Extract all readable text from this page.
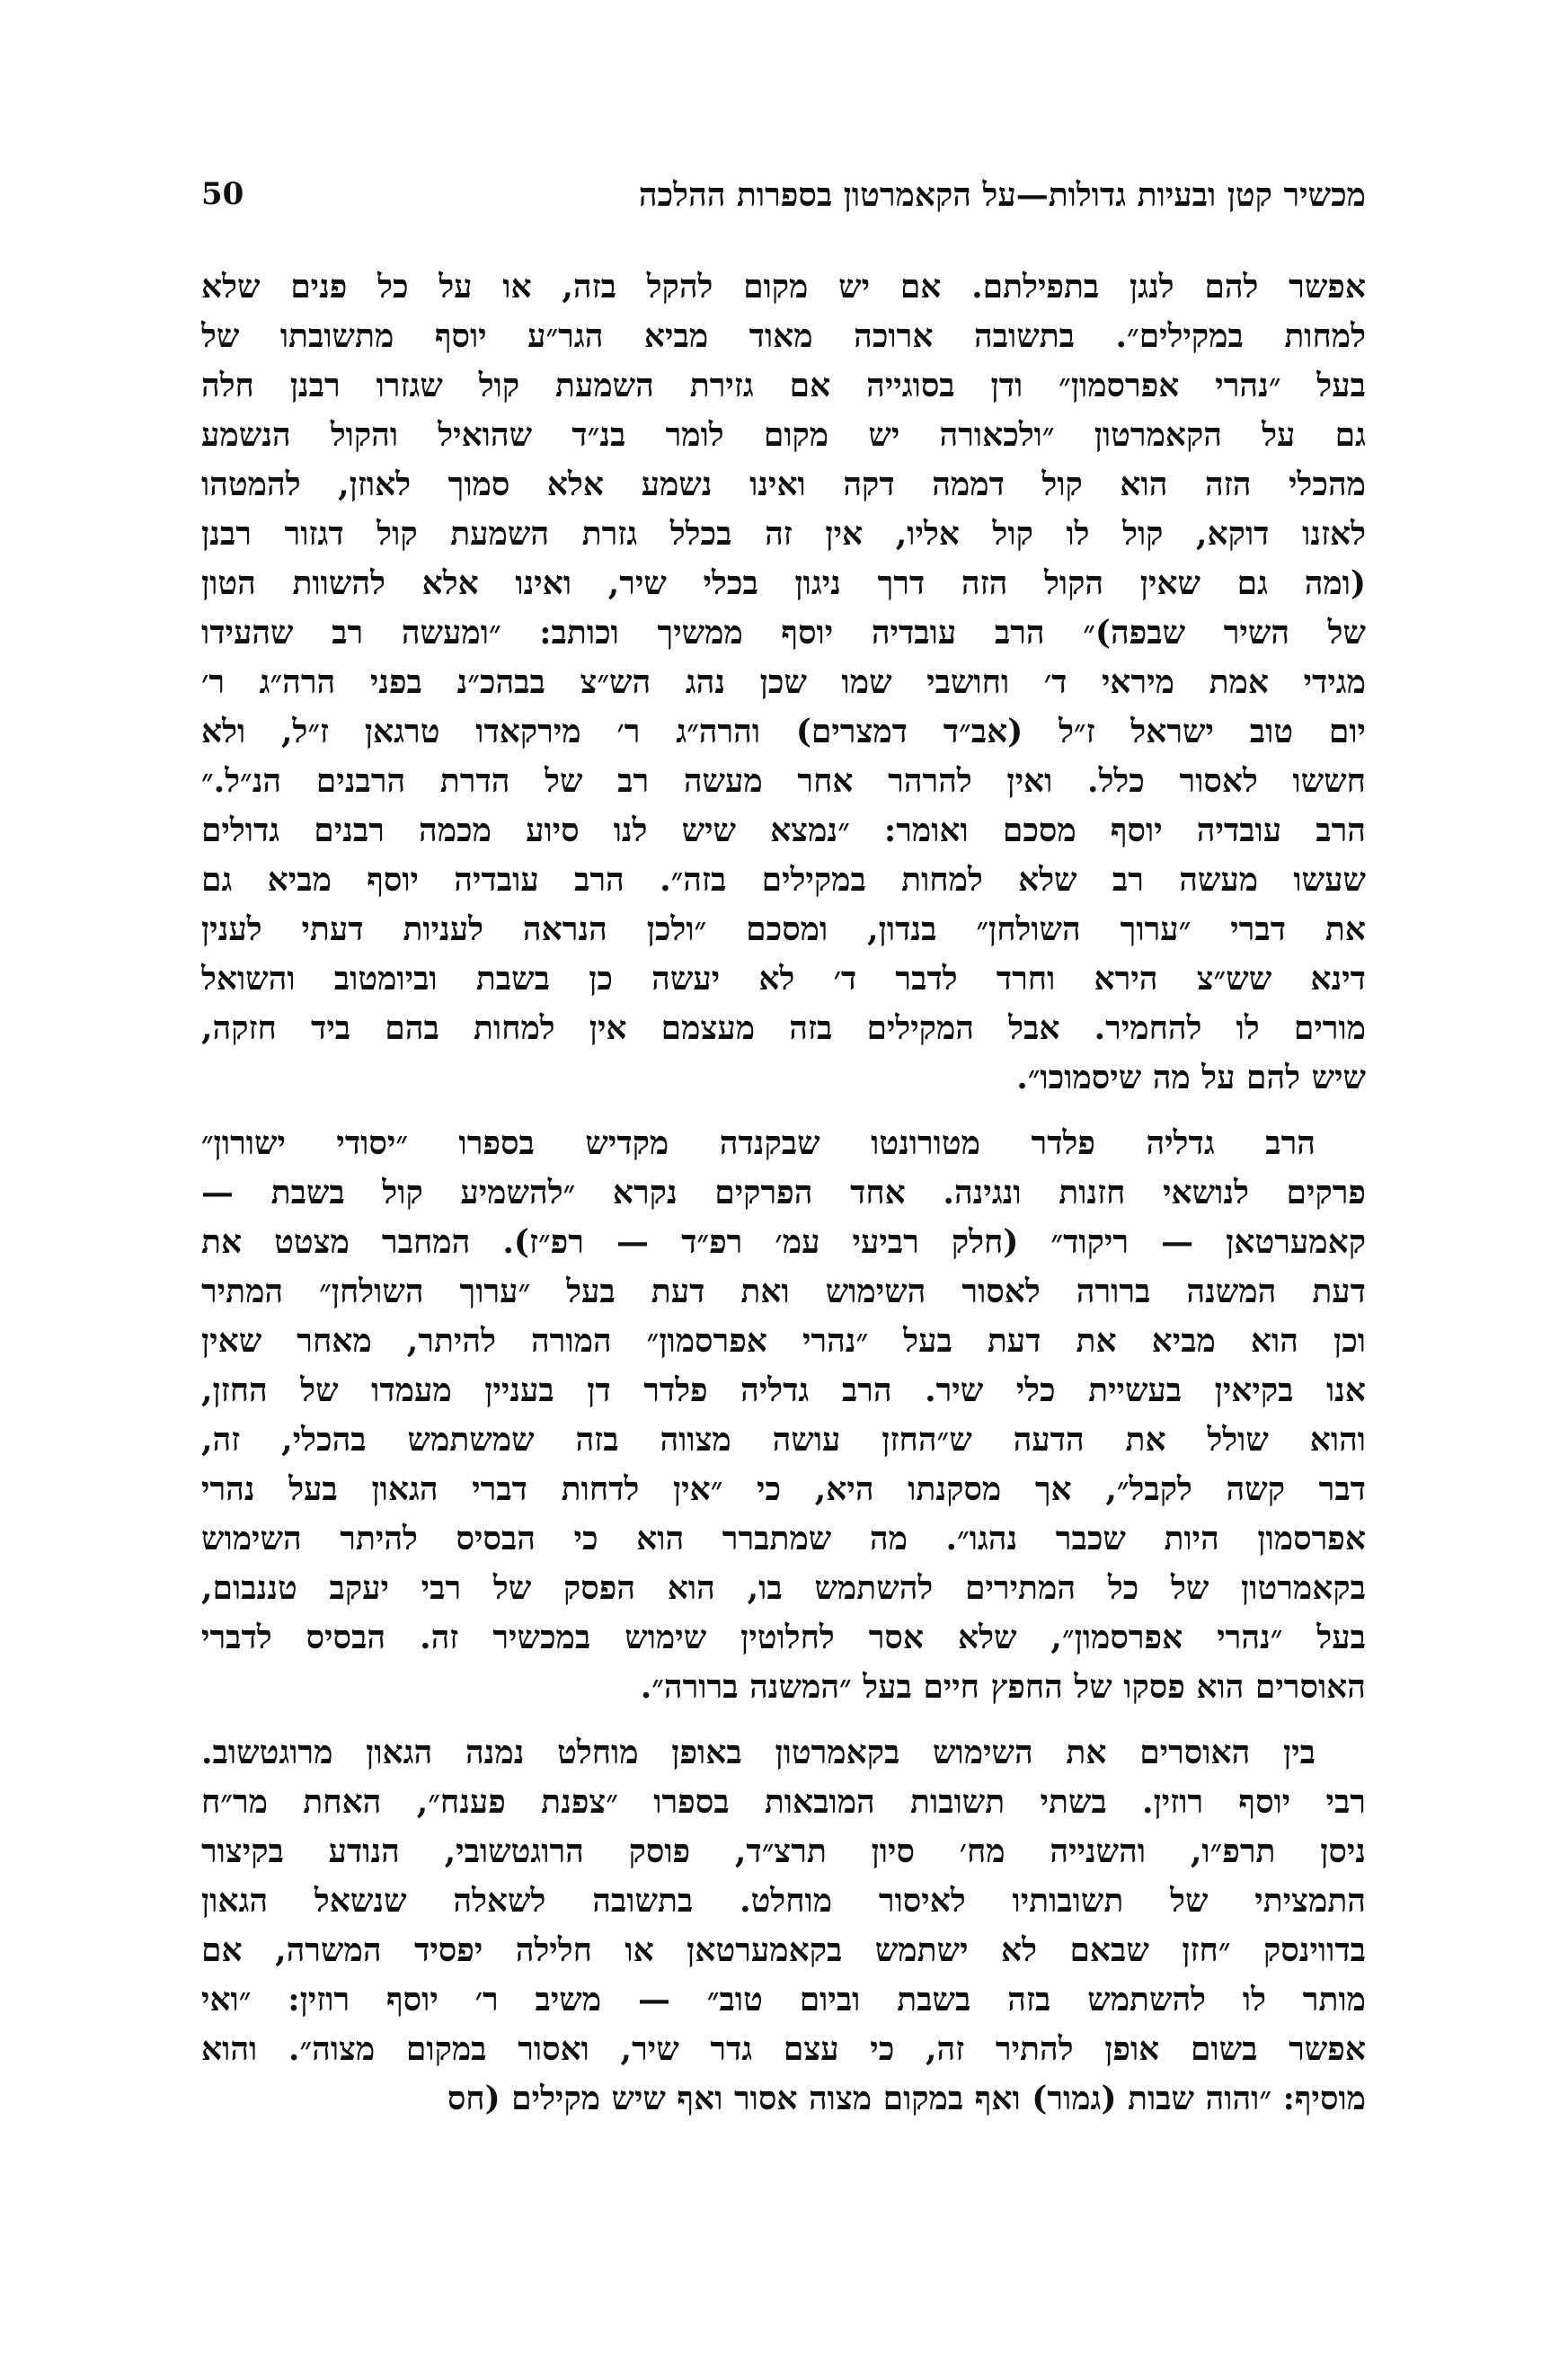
50	מכשיר קטן ובעיות גדולות—על הקאמרטון בספרות ההלכה
אפשר להם לנגן בתפילתם. אם יש מקום להקל בזה, או על כל פנים שלא
למחות במקילים״. בתשובה ארוכה מאוד מביא הגר״ע יוסף מתשובתו של
בעל ״נהרי אפרסמון״ ודן בסוגייה אם גזירת השמעת קול שגזרו רבנן חלה
גם על הקאמרטון ״ולכאורה יש מקום לומר בנ״ד שהואיל והקול הנשמע
מהכלי הזה הוא קול דממה דקה ואינו נשמע אלא סמוך לאוזן, להמטהו
לאזנו דוקא, קול לו קול אליו, אין זה בכלל גזרת השמעת קול דגזור רבנן
(ומה גם שאין הקול הזה דרך ניגון בכלי שיר, ואינו אלא להשוות הטון
של השיר שבפה)״ הרב עובדיה יוסף ממשיך וכותב: ״ומעשה רב שהעידו
מגידי אמת מיראי ד׳ וחושבי שמו שכן נהג הש״צ בבהכ״נ בפני הרה״ג ר׳
יום טוב ישראל ז״ל (אב״ד דמצרים) והרה״ג ר׳ מירקאדו טרגאן ז״ל, ולא
חששו לאסור כלל. ואין להרהר אחר מעשה רב של הדרת הרבנים הנ״ל.״
הרב עובדיה יוסף מסכם ואומר: ״נמצא שיש לנו סיוע מכמה רבנים גדולים
שעשו מעשה רב שלא למחות במקילים בזה״. הרב עובדיה יוסף מביא גם
את דברי ״ערוך השולחן״ בנדון, ומסכם ״ולכן הנראה לעניות דעתי לענין
דינא שש״צ הירא וחרד לדבר ד׳ לא יעשה כן בשבת וביומטוב והשואל
מורים לו להחמיר. אבל המקילים בזה מעצמם אין למחות בהם ביד חזקה,
שיש להם על מה שיסמוכו״.
הרב גדליה פלדר מטורונטו שבקנדה מקדיש בספרו ״יסודי ישורון״
פרקים לנושאי חזנות ונגינה. אחד הפרקים נקרא ״להשמיע קול בשבת —
קאמערטאן — ריקוד״ (חלק רביעי עמ׳ רפ״ד — רפ״ז). המחבר מצטט את
דעת המשנה ברורה לאסור השימוש ואת דעת בעל ״ערוך השולחן״ המתיר
וכן הוא מביא את דעת בעל ״נהרי אפרסמון״ המורה להיתר, מאחר שאין
אנו בקיאין בעשיית כלי שיר. הרב גדליה פלדר דן בעניין מעמדו של החזן,
והוא שולל את הדעה ש״החזן עושה מצווה בזה שמשתמש בהכלי, זה,
דבר קשה לקבל״, אך מסקנתו היא, כי ״אין לדחות דברי הגאון בעל נהרי
אפרסמון היות שכבר נהגו״. מה שמתברר הוא כי הבסיס להיתר השימוש
בקאמרטון של כל המתירים להשתמש בו, הוא הפסק של רבי יעקב טננבום,
בעל ״נהרי אפרסמון״, שלא אסר לחלוטין שימוש במכשיר זה. הבסיס לדברי
האוסרים הוא פסקו של החפץ חיים בעל ״המשנה ברורה״.
בין האוסרים את השימוש בקאמרטון באופן מוחלט נמנה הגאון מרוגטשוב.
רבי יוסף רוזין. בשתי תשובות המובאות בספרו ״צפנת פענח״, האחת מר״ח
ניסן תרפ״ו, והשנייה מח׳ סיון תרצ״ד, פוסק הרוגטשובי, הנודע בקיצור
התמציתי של תשובותיו לאיסור מוחלט. בתשובה לשאלה שנשאל הגאון
בדווינסק ״חזן שבאם לא ישתמש בקאמערטאן או חלילה יפסיד המשרה, אם
מותר לו להשתמש בזה בשבת וביום טוב״ — משיב ר׳ יוסף רוזין: ״ואי
אפשר בשום אופן להתיר זה, כי עצם גדר שיר, ואסור במקום מצוה״. והוא
מוסיף: ״והוה שבות (גמור) ואף במקום מצוה אסור ואף שיש מקילים (חס
